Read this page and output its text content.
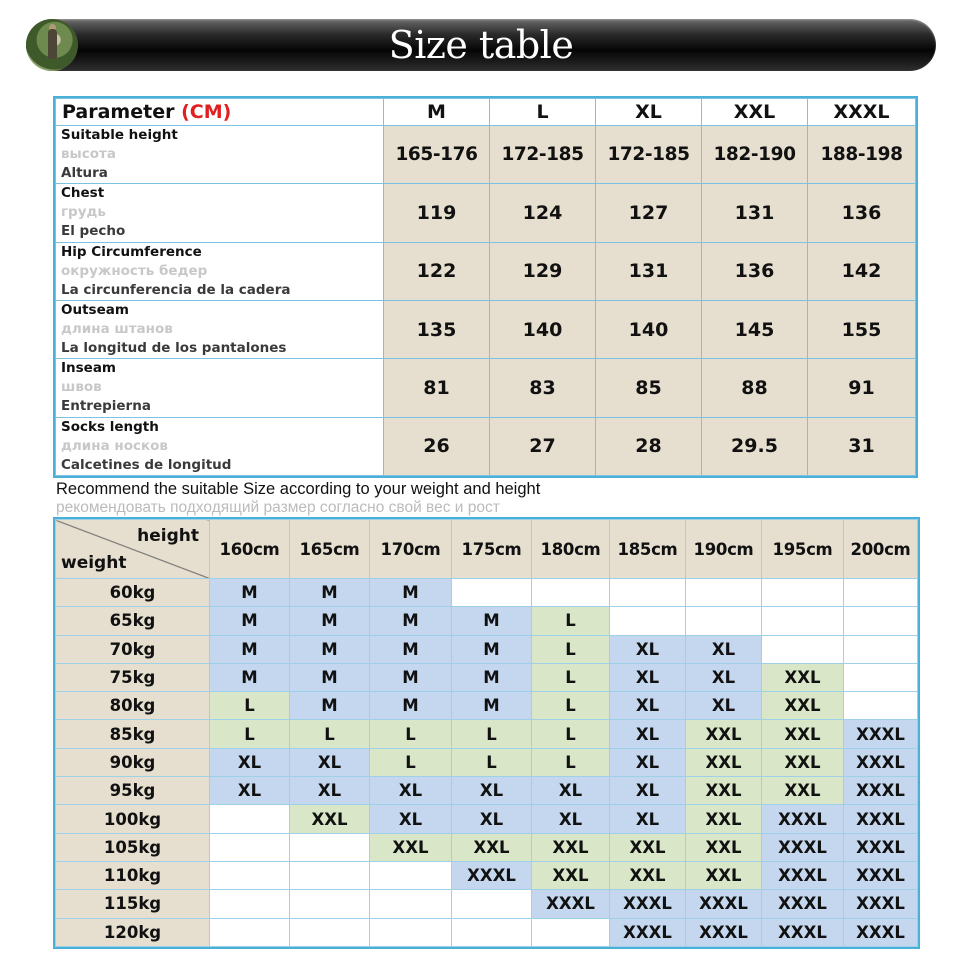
Size table
Parameter (CM)	M	L	XL	XXL	XXXL

Suitable height
высота
Altura	165-176	172-185	172-185	182-190	188-198

Chest
грудь
El pecho	119	124	127	131	136

Hip Circumference
окружность бедер
La circunferencia de la cadera	122	129	131	136	142

Outseam
длина штанов
La longitud de los pantalones	135	140	140	145	155

Inseam
швов
Entrepierna	81	83	85	88	91

Socks length
длина носков
Calcetines de longitud	26	27	28	29.5	31
Recommend the suitable Size according to your weight and height
рекомендовать подходящий размер согласно свой вес и рост
height
weight	160cm	165cm	170cm	175cm	180cm	185cm	190cm	195cm	200cm
60kg	M	M	M						
65kg	M	M	M	M	L				
70kg	M	M	M	M	L	XL	XL		
75kg	M	M	M	M	L	XL	XL	XXL	
80kg	L	M	M	M	L	XL	XL	XXL	
85kg	L	L	L	L	L	XL	XXL	XXL	XXXL
90kg	XL	XL	L	L	L	XL	XXL	XXL	XXXL
95kg	XL	XL	XL	XL	XL	XL	XXL	XXL	XXXL
100kg		XXL	XL	XL	XL	XL	XXL	XXXL	XXXL
105kg			XXL	XXL	XXL	XXL	XXL	XXXL	XXXL
110kg				XXXL	XXL	XXL	XXL	XXXL	XXXL
115kg					XXXL	XXXL	XXXL	XXXL	XXXL
120kg						XXXL	XXXL	XXXL	XXXL
